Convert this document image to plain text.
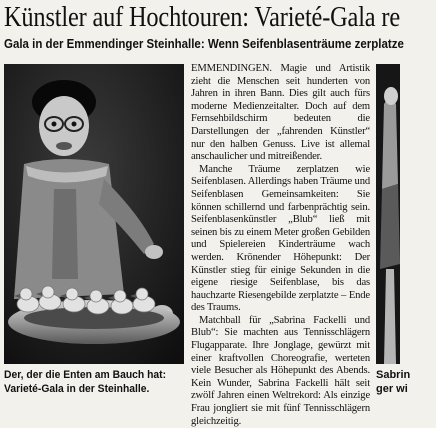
Künstler auf Hochtouren: Varieté-Gala re
Gala in der Emmendinger Steinhalle: Wenn Seifenblasenträume zerplatze
Der, der die Enten am Bauch hat:
Varieté-Gala in der Steinhalle.

EMMENDINGEN. Magie und Artistik zieht die Menschen seit hunderten von Jahren in ihren Bann. Dies gilt auch fürs moderne Medienzeitalter. Doch auf dem Fernsehbildschirm bedeuten die Darstellungen der „fahrenden Künstler“ nur den halben Genuss. Live ist allemal anschaulicher und mitreißender.

Manche Träume zerplatzen wie Seifenblasen. Allerdings haben Träume und Seifenblasen Gemeinsamkeiten: Sie können schillernd und farbenprächtig sein. Seifenblasenkünstler „Blub“ ließ mit seinen bis zu einem Meter großen Gebilden und Spielereien Kinderträume wach werden. Krönender Höhepunkt: Der Künstler stieg für einige Sekunden in die eigene riesige Seifenblase, bis das hauchzarte Riesengebilde zerplatzte – Ende des Traums.

Matchball für „Sabrina Fackelli und Blub“: Sie machten aus Tennisschlägern Flugapparate. Ihre Jonglage, gewürzt mit einer kraftvollen Choreografie, werteten viele Besucher als Höhepunkt des Abends. Kein Wunder, Sabrina Fackelli hält seit zwölf Jahren einen Weltrekord: Als einzige Frau jongliert sie mit fünf Tennisschlägern gleichzeitig.

Sabrin
ger wi
